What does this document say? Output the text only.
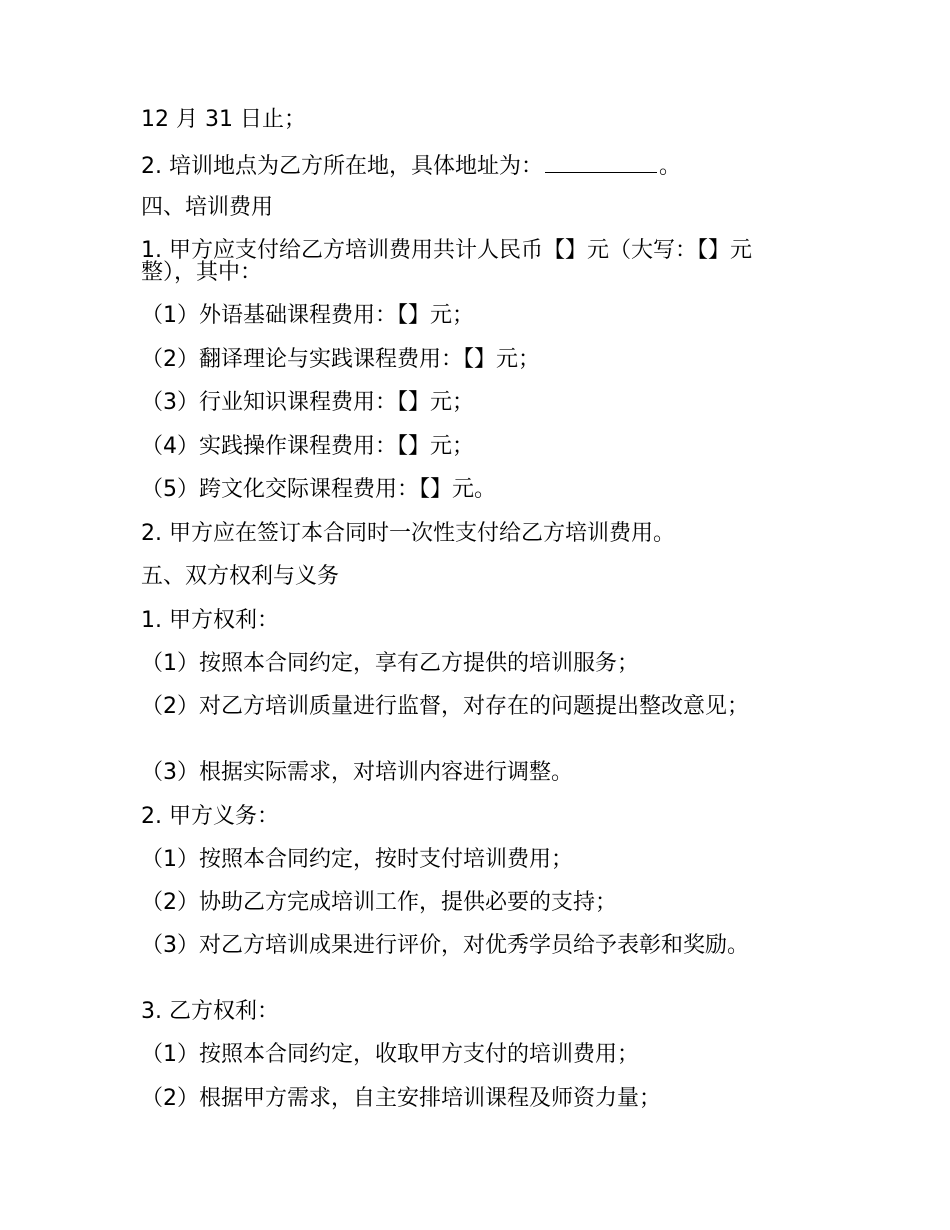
12 月 31 日止；
2. 培训地点为乙方所在地，具体地址为：	。
四、培训费用
1. 甲方应支付给乙方培训费用共计人民币【】元（大写：【】元整），其中：
（1）外语基础课程费用：【】元；
（2）翻译理论与实践课程费用：【】元；
（3）行业知识课程费用：【】元；
（4）实践操作课程费用：【】元；
（5）跨文化交际课程费用：【】元。
2. 甲方应在签订本合同时一次性支付给乙方培训费用。
五、双方权利与义务
1. 甲方权利：
（1）按照本合同约定，享有乙方提供的培训服务；
（2）对乙方培训质量进行监督，对存在的问题提出整改意见；
（3）根据实际需求，对培训内容进行调整。
2. 甲方义务：
（1）按照本合同约定，按时支付培训费用；
（2）协助乙方完成培训工作，提供必要的支持；
（3）对乙方培训成果进行评价，对优秀学员给予表彰和奖励。
3. 乙方权利：
（1）按照本合同约定，收取甲方支付的培训费用；
（2）根据甲方需求，自主安排培训课程及师资力量；
